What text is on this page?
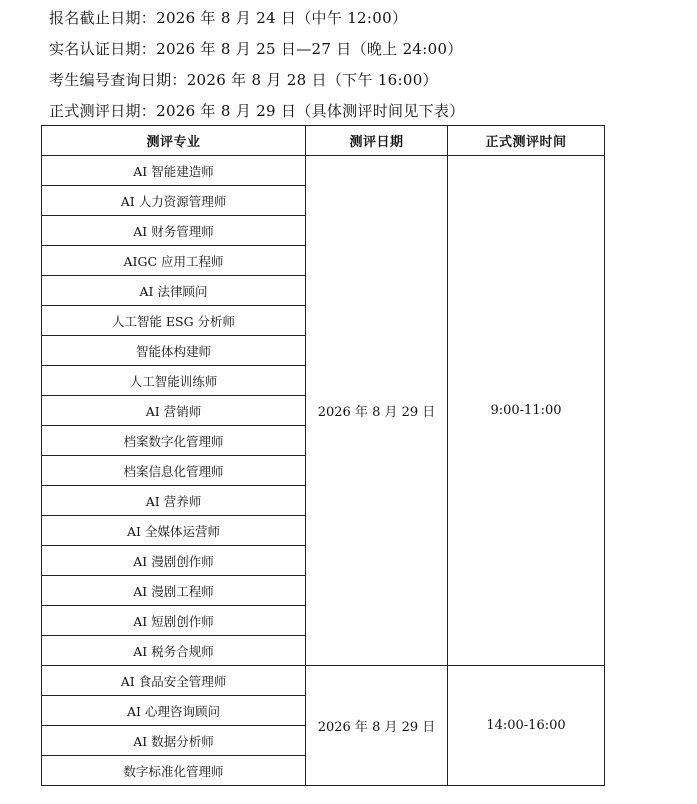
报名截止日期：2026 年 8 月 24 日（中午 12:00）
实名认证日期：2026 年 8 月 25 日—27 日（晚上 24:00）
考生编号查询日期：2026 年 8 月 28 日（下午 16:00）
正式测评日期：2026 年 8 月 29 日（具体测评时间见下表）
测评专业	测评日期	正式测评时间
AI 智能建造师	2026 年 8 月 29 日	9:00-11:00
AI 人力资源管理师		
AI 财务管理师		
AIGC 应用工程师		
AI 法律顾问		
人工智能 ESG 分析师		
智能体构建师		
人工智能训练师		
AI 营销师		
档案数字化管理师		
档案信息化管理师		
AI 营养师		
AI 全媒体运营师		
AI 漫剧创作师		
AI 漫剧工程师		
AI 短剧创作师		
AI 税务合规师		
AI 食品安全管理师	2026 年 8 月 29 日	14:00-16:00
AI 心理咨询顾问		
AI 数据分析师		
数字标准化管理师		
